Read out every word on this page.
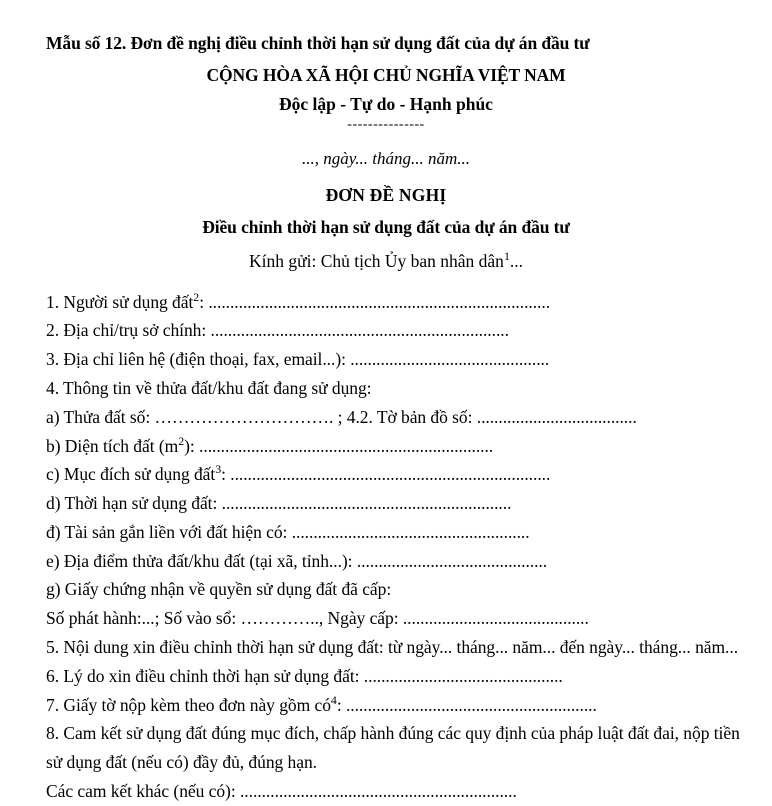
Mẫu số 12. Đơn đề nghị điều chỉnh thời hạn sử dụng đất của dự án đầu tư
CỘNG HÒA XÃ HỘI CHỦ NGHĨA VIỆT NAM
Độc lập - Tự do - Hạnh phúc
---------------
..., ngày... tháng... năm...
ĐƠN ĐỀ NGHỊ
Điều chỉnh thời hạn sử dụng đất của dự án đầu tư
Kính gửi: Chủ tịch Ủy ban nhân dân$^1$...
1. Người sử dụng đất$^2$: ...............................................................................
2. Địa chỉ/trụ sở chính: .....................................................................
3. Địa chỉ liên hệ (điện thoại, fax, email...): ..............................................
4. Thông tin về thửa đất/khu đất đang sử dụng:
a) Thửa đất số: …………………………. ; 4.2. Tờ bản đồ số: .....................................
b) Diện tích đất $(m^2)$: ....................................................................
c) Mục đích sử dụng đất$^3$: ..........................................................................
d) Thời hạn sử dụng đất: ...................................................................
đ) Tài sản gắn liền với đất hiện có: .......................................................
e) Địa điểm thửa đất/khu đất (tại xã, tỉnh...): ............................................
g) Giấy chứng nhận về quyền sử dụng đất đã cấp:
Số phát hành:...; Số vào sổ: ………….., Ngày cấp: ...........................................
5. Nội dung xin điều chỉnh thời hạn sử dụng đất: từ ngày... tháng... năm... đến ngày... tháng... năm...
6. Lý do xin điều chỉnh thời hạn sử dụng đất: ..............................................
7. Giấy tờ nộp kèm theo đơn này gồm $có^4$: ..........................................................
8. Cam kết sử dụng đất đúng mục đích, chấp hành đúng các quy định của pháp luật đất đai, nộp tiền sử dụng đất (nếu có) đầy đủ, đúng hạn.
Các cam kết khác (nếu có): ................................................................
